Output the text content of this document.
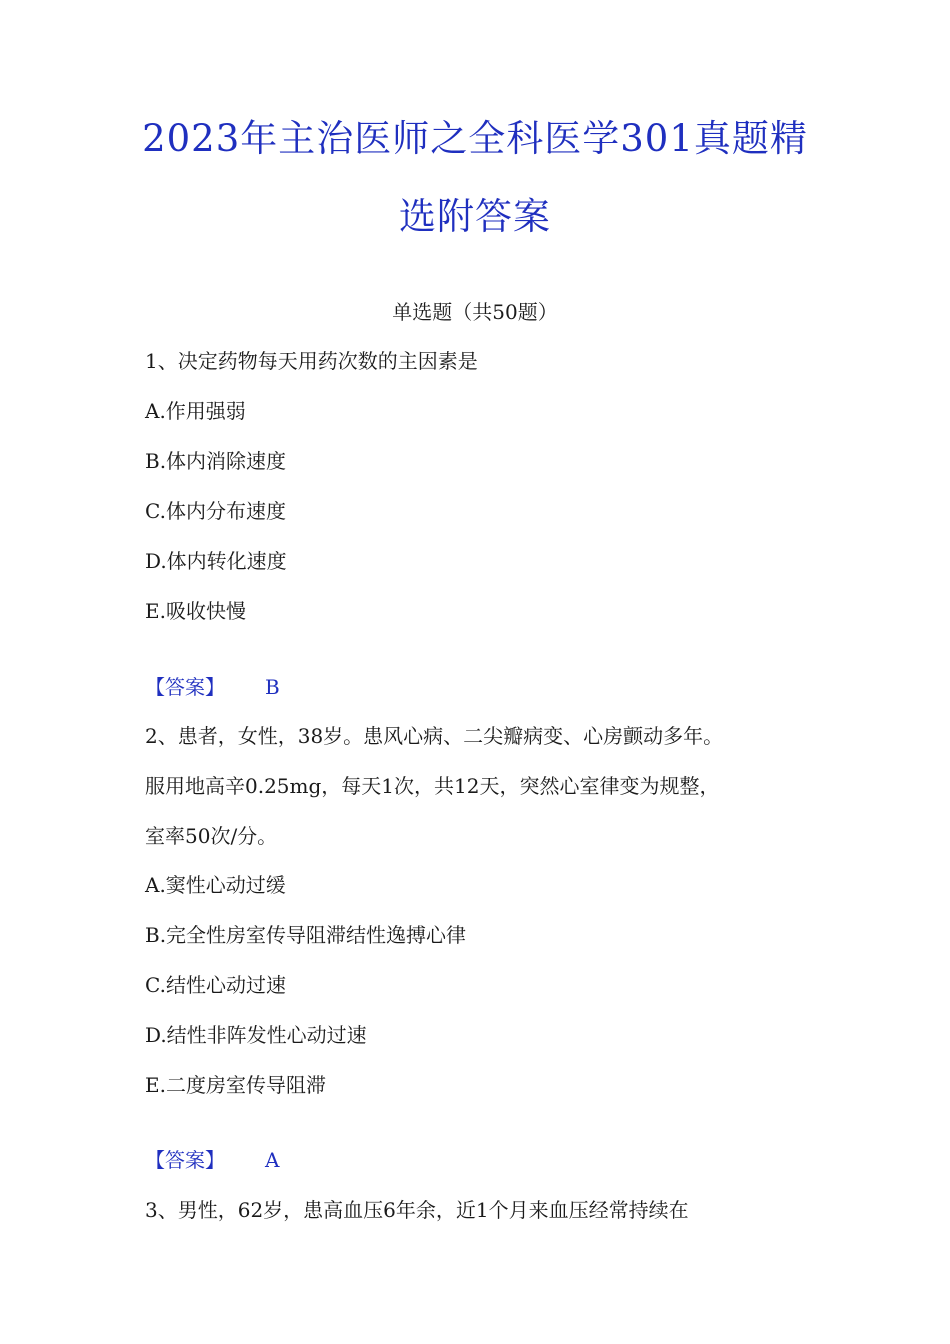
2023年主治医师之全科医学301真题精
选附答案
单选题（共50题）
1、决定药物每天用药次数的主因素是
A.作用强弱
B.体内消除速度
C.体内分布速度
D.体内转化速度
E.吸收快慢
【答案】 B
2、患者，女性，38岁。患风心病、二尖瓣病变、心房颤动多年。
服用地高辛0.25mg，每天1次，共12天，突然心室律变为规整，
室率50次/分。
A.窦性心动过缓
B.完全性房室传导阻滞结性逸搏心律
C.结性心动过速
D.结性非阵发性心动过速
E.二度房室传导阻滞
【答案】 A
3、男性，62岁，患高血压6年余，近1个月来血压经常持续在
